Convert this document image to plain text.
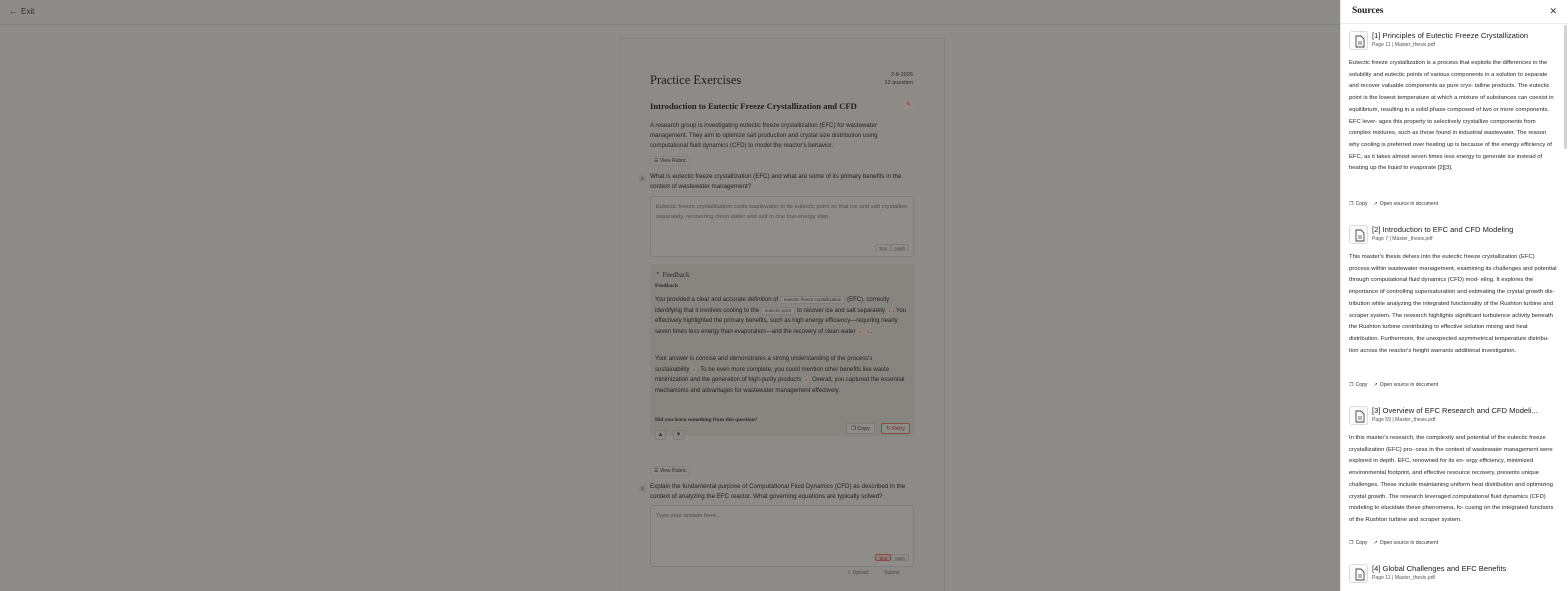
← Exit
Practice Exercises	2-8-2026
12 question
Introduction to Eutectic Freeze Crystallization and CFD	✎
A research group is investigating eutectic freeze crystallization (EFC) for wastewater management. They aim to optimize salt production and crystal size distribution using computational fluid dynamics (CFD) to model the reactor's behavior.
☰ View Rubric
1	What is eutectic freeze crystallization (EFC) and what are some of its primary benefits in the context of wastewater management?
Eutectic freeze crystallisation cools wastewater to its eutectic point so that ice and salt crystallise separately, recovering clean water and salt in one low-energy step.
Text	Math
⌃ Feedback
Feedback
You provided a clear and accurate definition of eutectic freeze crystallization (EFC), correctly identifying that it involves cooling to the eutectic point to recover ice and salt separately 1 . You effectively highlighted the primary benefits, such as high energy efficiency—requiring nearly seven times less energy than evaporation—and the recovery of clean water 1 4 .
Your answer is concise and demonstrates a strong understanding of the process's sustainability 1 . To be even more complete, you could mention other benefits like waste minimization and the generation of high-purity products 4 . Overall, you captured the essential mechanisms and advantages for wastewater management effectively.
Did you learn something from this question?
▲	▼
❐ Copy	↻ Retry
☰ View Rubric
2	Explain the fundamental purpose of Computational Fluid Dynamics (CFD) as described in the context of analyzing the EFC reactor. What governing equations are typically solved?
Type your answer here...
Text	Math
⇧ Upload	Submit
Sources	✕
[1] Principles of Eutectic Freeze Crystallization
Page 11 | Master_thesis.pdf
Eutectic freeze crystallization is a process that exploits the differences in the solubility and eutectic points of various components in a solution to separate and recover valuable components as pure crys- talline products. The eutectic point is the lowest temperature at which a mixture of substances can coexist in equilibrium, resulting in a solid phase composed of two or more components. EFC lever- ages this property to selectively crystallize components from complex mixtures, such as those found in industrial wastewater. The reason why cooling is preferred over heating up is because of the energy efficiency of EFC, as it takes almost seven times less energy to generate ice instead of heating up the liquid to evaporate [2][3].
❐ Copy ↗ Open source in document
[2] Introduction to EFC and CFD Modeling
Page 7 | Master_thesis.pdf
This master's thesis delves into the eutectic freeze crystallization (EFC) process within wastewater management, examining its challenges and potential through computational fluid dynamics (CFD) mod- eling. It explores the importance of controlling supersaturation and estimating the crystal growth dis- tribution while analyzing the integrated functionality of the Rushton turbine and scraper system. The research highlights significant turbulence activity beneath the Rushton turbine contributing to effective solution mixing and heat distribution. Furthermore, the unexpected asymmetrical temperature distribu- tion across the reactor's height warrants additional investigation.
❐ Copy ↗ Open source in document
[3] Overview of EFC Research and CFD Modeli...
Page 59 | Master_thesis.pdf
In this master's research, the complexity and potential of the eutectic freeze crystallization (EFC) pro- cess in the context of wastewater management were explored in depth. EFC, renowned for its en- ergy efficiency, minimized environmental footprint, and effective resource recovery, presents unique challenges. These include maintaining uniform heat distribution and optimizing crystal growth. The research leveraged computational fluid dynamics (CFD) modeling to elucidate these phenomena, fo- cusing on the integrated functions of the Rushton turbine and scraper system.
❐ Copy ↗ Open source in document
[4] Global Challenges and EFC Benefits
Page 11 | Master_thesis.pdf
